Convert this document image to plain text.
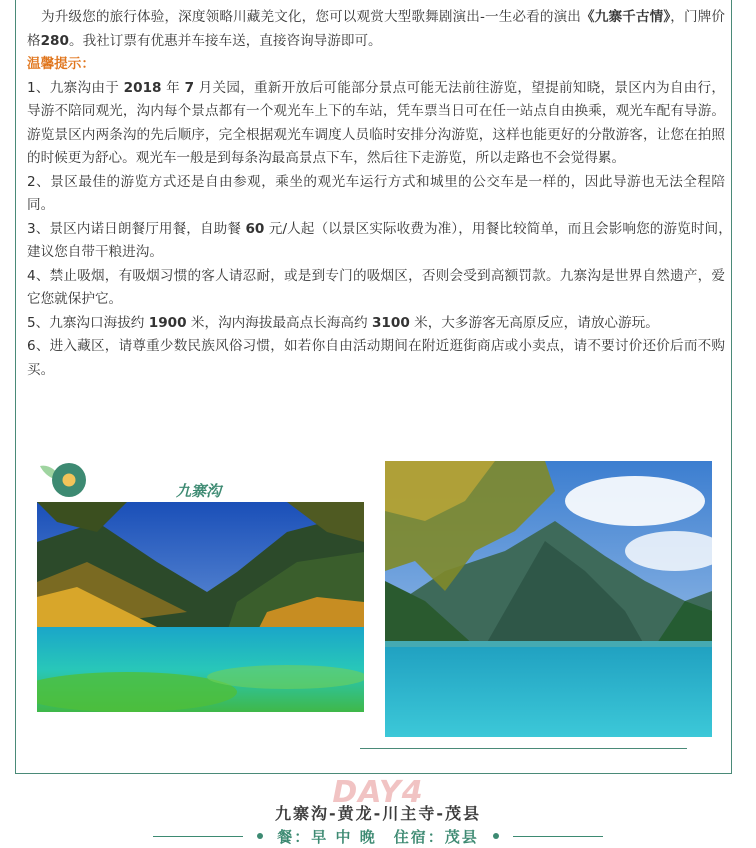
为升级您的旅行体验，深度领略川藏羌文化，您可以观赏大型歌舞剧演出-一生必看的演出《九寨千古情》，门牌价格280。我社订票有优惠并车接车送，直接咨询导游即可。

温馨提示：

1、九寨沟由于 2018 年 7 月关园，重新开放后可能部分景点可能无法前往游览，望提前知晓，景区内为自由行，导游不陪同观光，沟内每个景点都有一个观光车上下的车站，凭车票当日可在任一站点自由换乘，观光车配有导游。游览景区内两条沟的先后顺序，完全根据观光车调度人员临时安排分沟游览，这样也能更好的分散游客，让您在拍照的时候更为舒心。观光车一般是到每条沟最高景点下车，然后往下走游览，所以走路也不会觉得累。

2、景区最佳的游览方式还是自由参观，乘坐的观光车运行方式和城里的公交车是一样的，因此导游也无法全程陪同。

3、景区内诺日朗餐厅用餐，自助餐 60 元/人起（以景区实际收费为准），用餐比较简单，而且会影响您的游览时间，　建议您自带干粮进沟。

4、禁止吸烟，有吸烟习惯的客人请忍耐，或是到专门的吸烟区，否则会受到高额罚款。九寨沟是世界自然遗产，爱它您就保护它。

5、九寨沟口海拔约 1900 米，沟内海拔最高点长海高约 3100 米，大多游客无高原反应，请放心游玩。

6、进入藏区，请尊重少数民族风俗习惯，如若你自由活动期间在附近逛街商店或小卖点，请不要讨价还价后而不购买。

九寨沟
DAY4
九寨沟-黄龙-川主寺-茂县
餐：早 中 晚　住宿：茂县
